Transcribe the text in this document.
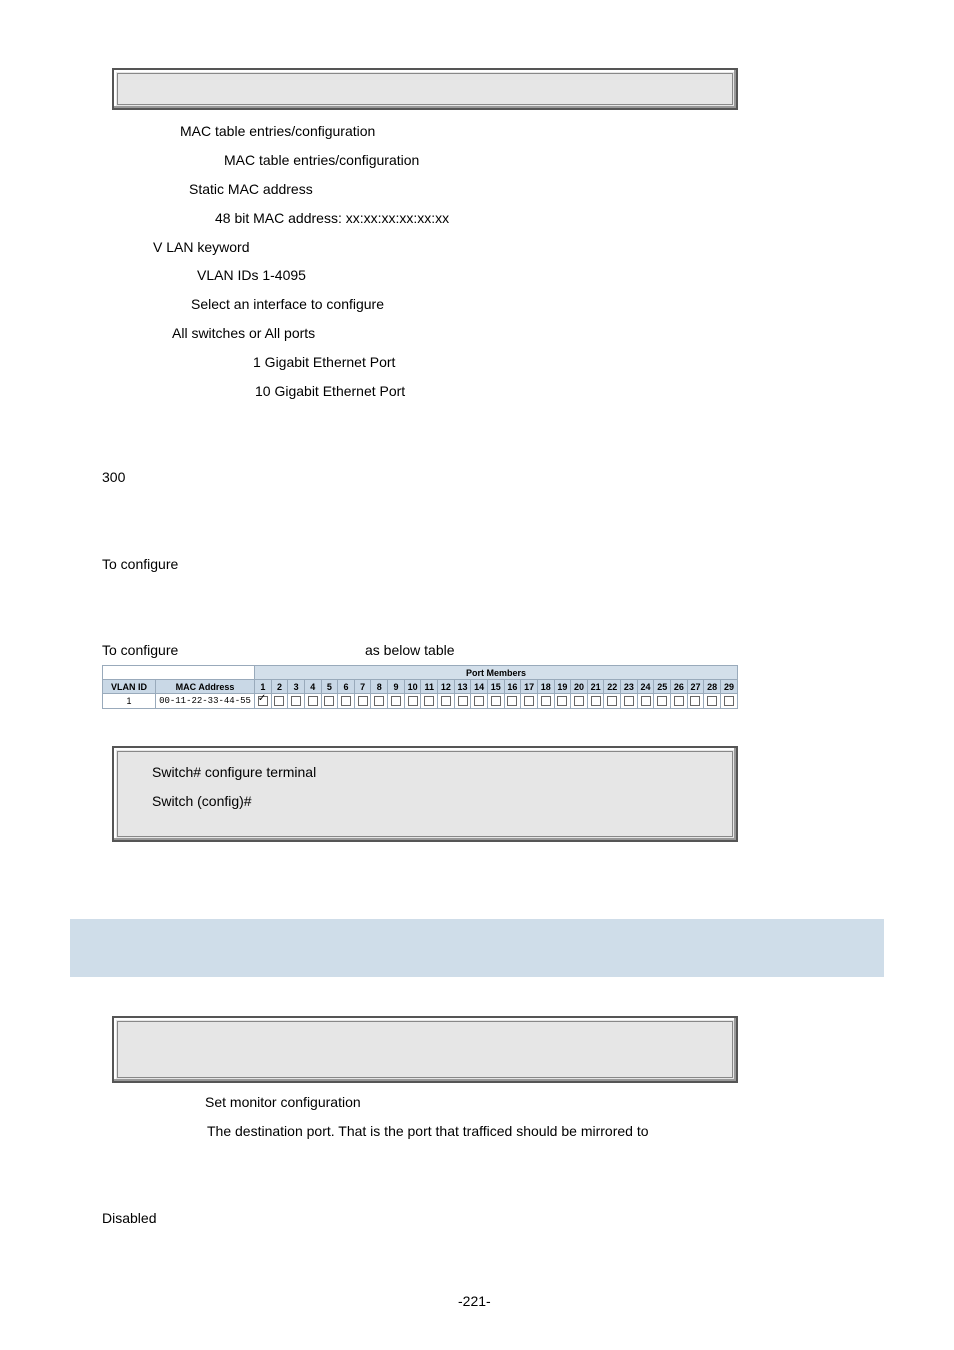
MAC table entries/configuration
MAC table entries/configuration
Static MAC address
48 bit MAC address: xx:xx:xx:xx:xx:xx
V LAN keyword
VLAN IDs 1-4095
Select an interface to configure
All switches or All ports
1 Gigabit Ethernet Port
10 Gigabit Ethernet Port
300
To configure
To configure	as below table
		Port Members																												
VLAN ID	MAC Address	1	2	3	4	5	6	7	8	9	10	11	12	13	14	15	16	17	18	19	20	21	22	23	24	25	26	27	28	29
1	00-11-22-33-44-55	✓																												
Switch# configure terminal
Switch (config)#
Set monitor configuration
The destination port. That is the port that trafficed should be mirrored to
Disabled
-221-
